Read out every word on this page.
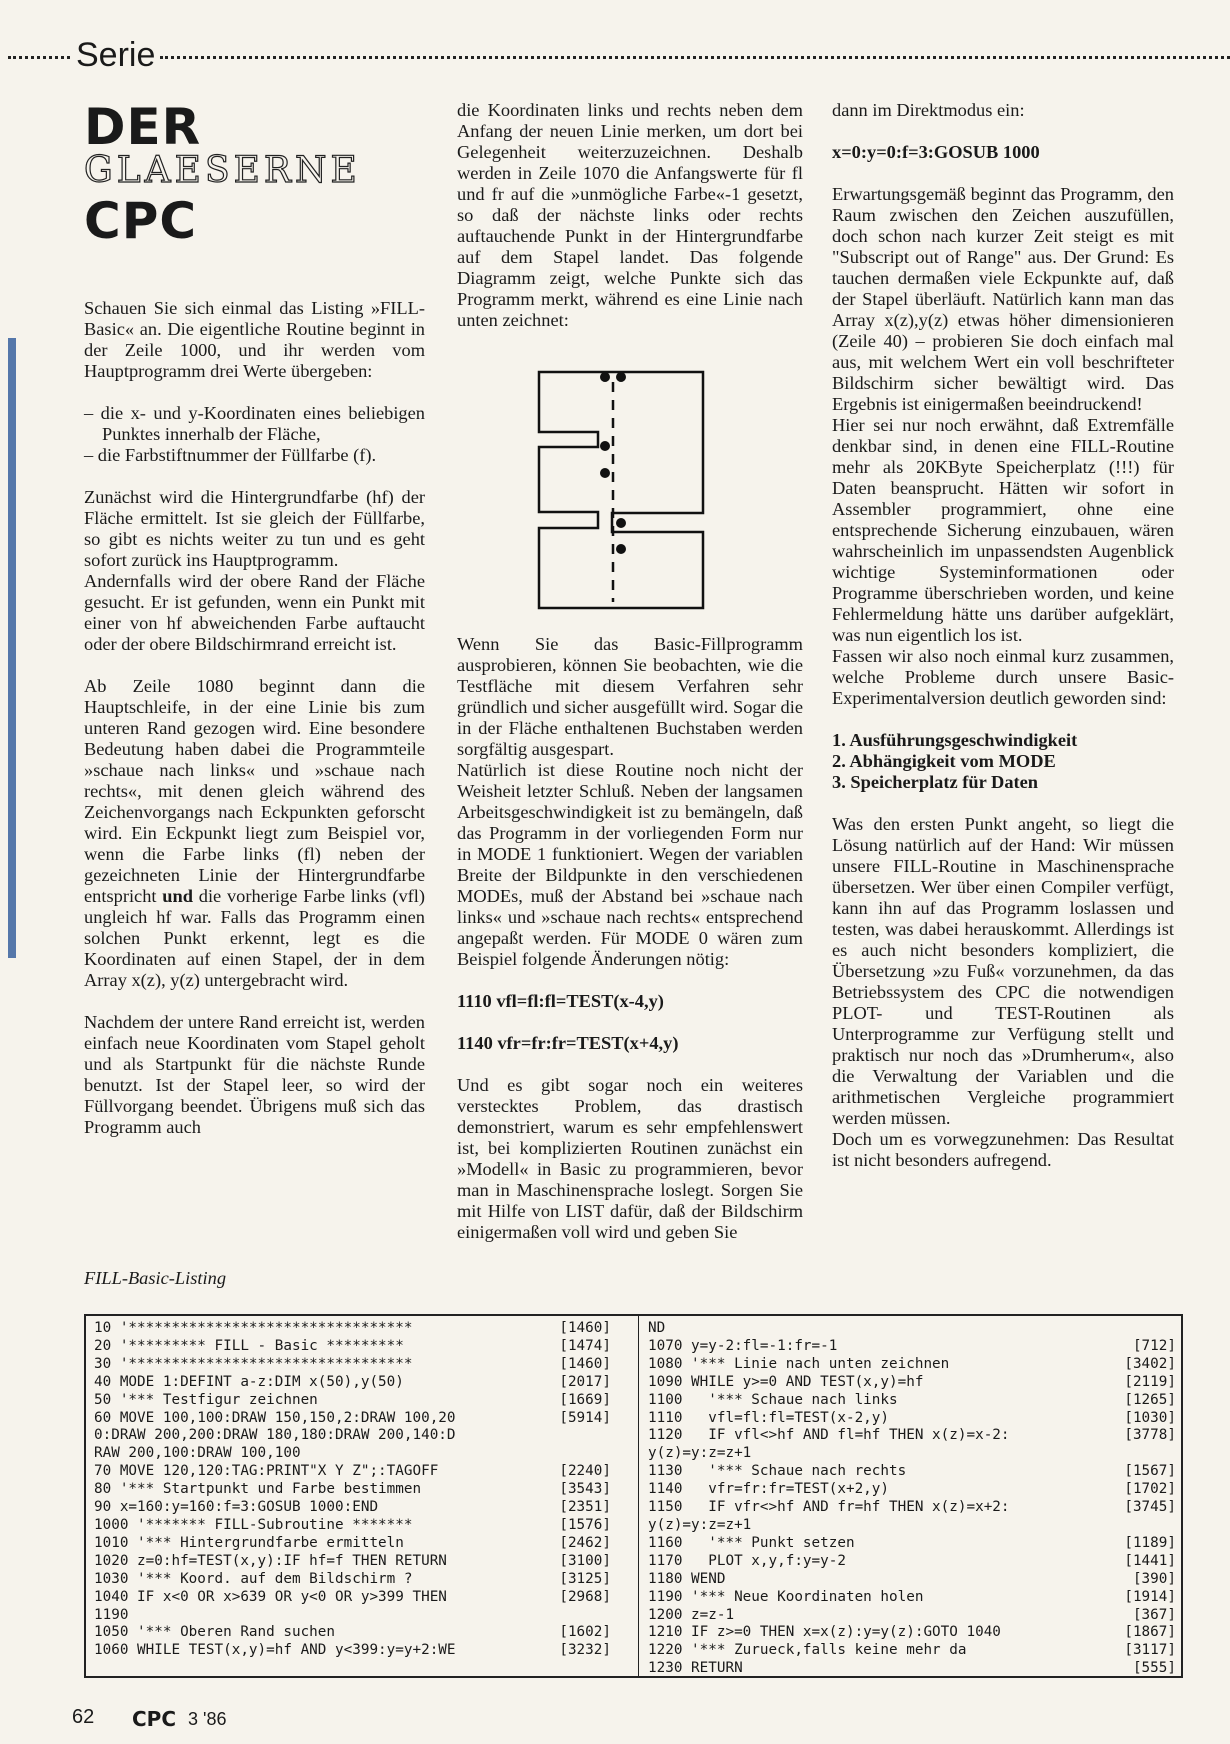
Serie
DER
GLAESERNE
CPC

Schauen Sie sich einmal das Listing »FILL-Basic« an. Die eigentliche Routine beginnt in der Zeile 1000, und ihr werden vom Hauptprogramm drei Werte übergeben:

– die x- und y-Koordinaten eines beliebigen Punktes innerhalb der Fläche,
– die Farbstiftnummer der Füllfarbe (f).

Zunächst wird die Hintergrundfarbe (hf) der Fläche ermittelt. Ist sie gleich der Füllfarbe, so gibt es nichts weiter zu tun und es geht sofort zurück ins Hauptprogramm.

Andernfalls wird der obere Rand der Fläche gesucht. Er ist gefunden, wenn ein Punkt mit einer von hf abweichenden Farbe auftaucht oder der obere Bildschirmrand erreicht ist.

Ab Zeile 1080 beginnt dann die Hauptschleife, in der eine Linie bis zum unteren Rand gezogen wird. Eine besondere Bedeutung haben dabei die Programmteile »schaue nach links« und »schaue nach rechts«, mit denen gleich während des Zeichenvorgangs nach Eckpunkten geforscht wird. Ein Eckpunkt liegt zum Beispiel vor, wenn die Farbe links (fl) neben der gezeichneten Linie der Hintergrundfarbe entspricht und die vorherige Farbe links (vfl) ungleich hf war. Falls das Programm einen solchen Punkt erkennt, legt es die Koordinaten auf einen Stapel, der in dem Array x(z), y(z) untergebracht wird.

Nachdem der untere Rand erreicht ist, werden einfach neue Koordinaten vom Stapel geholt und als Startpunkt für die nächste Runde benutzt. Ist der Stapel leer, so wird der Füllvorgang beendet. Übrigens muß sich das Programm auch

die Koordinaten links und rechts neben dem Anfang der neuen Linie merken, um dort bei Gelegenheit weiterzuzeichnen. Deshalb werden in Zeile 1070 die Anfangswerte für fl und fr auf die »unmögliche Farbe«-1 gesetzt, so daß der nächste links oder rechts auftauchende Punkt in der Hintergrundfarbe auf dem Stapel landet. Das folgende Diagramm zeigt, welche Punkte sich das Programm merkt, während es eine Linie nach unten zeichnet:

Wenn Sie das Basic-Fillprogramm ausprobieren, können Sie beobachten, wie die Testfläche mit diesem Verfahren sehr gründlich und sicher ausgefüllt wird. Sogar die in der Fläche enthaltenen Buchstaben werden sorgfältig ausgespart.

Natürlich ist diese Routine noch nicht der Weisheit letzter Schluß. Neben der langsamen Arbeitsgeschwindigkeit ist zu bemängeln, daß das Programm in der vorliegenden Form nur in MODE 1 funktioniert. Wegen der variablen Breite der Bildpunkte in den verschiedenen MODEs, muß der Abstand bei »schaue nach links« und »schaue nach rechts« entsprechend angepaßt werden. Für MODE 0 wären zum Beispiel folgende Änderungen nötig:

1110 vfl=fl:fl=TEST(x-4,y)

1140 vfr=fr:fr=TEST(x+4,y)

Und es gibt sogar noch ein weiteres verstecktes Problem, das drastisch demonstriert, warum es sehr empfehlenswert ist, bei komplizierten Routinen zunächst ein »Modell« in Basic zu programmieren, bevor man in Maschinensprache loslegt. Sorgen Sie mit Hilfe von LIST dafür, daß der Bildschirm einigermaßen voll wird und geben Sie

dann im Direktmodus ein:

x=0:y=0:f=3:GOSUB 1000

Erwartungsgemäß beginnt das Programm, den Raum zwischen den Zeichen auszufüllen, doch schon nach kurzer Zeit steigt es mit "Subscript out of Range" aus. Der Grund: Es tauchen dermaßen viele Eckpunkte auf, daß der Stapel überläuft. Natürlich kann man das Array x(z),y(z) etwas höher dimensionieren (Zeile 40) – probieren Sie doch einfach mal aus, mit welchem Wert ein voll beschrifteter Bildschirm sicher bewältigt wird. Das Ergebnis ist einigermaßen beeindruckend!

Hier sei nur noch erwähnt, daß Extremfälle denkbar sind, in denen eine FILL-Routine mehr als 20KByte Speicherplatz (!!!) für Daten beansprucht. Hätten wir sofort in Assembler programmiert, ohne eine entsprechende Sicherung einzubauen, wären wahrscheinlich im unpassendsten Augenblick wichtige Systeminformationen oder Programme überschrieben worden, und keine Fehlermeldung hätte uns darüber aufgeklärt, was nun eigentlich los ist.

Fassen wir also noch einmal kurz zusammen, welche Probleme durch unsere Basic-Experimentalversion deutlich geworden sind:

1. Ausführungsgeschwindigkeit
2. Abhängigkeit vom MODE
3. Speicherplatz für Daten

Was den ersten Punkt angeht, so liegt die Lösung natürlich auf der Hand: Wir müssen unsere FILL-Routine in Maschinensprache übersetzen. Wer über einen Compiler verfügt, kann ihn auf das Programm loslassen und testen, was dabei herauskommt. Allerdings ist es auch nicht besonders kompliziert, die Übersetzung »zu Fuß« vorzunehmen, da das Betriebssystem des CPC die notwendigen PLOT- und TEST-Routinen als Unterprogramme zur Verfügung stellt und praktisch nur noch das »Drumherum«, also die Verwaltung der Variablen und die arithmetischen Vergleiche programmiert werden müssen.

Doch um es vorwegzunehmen: Das Resultat ist nicht besonders aufregend.

FILL-Basic-Listing
10 '*********************************	[1460]
20 '********* FILL - Basic *********	[1474]
30 '*********************************	[1460]
40 MODE 1:DEFINT a-z:DIM x(50),y(50)	[2017]
50 '*** Testfigur zeichnen	[1669]
60 MOVE 100,100:DRAW 150,150,2:DRAW 100,20	[5914]
0:DRAW 200,200:DRAW 180,180:DRAW 200,140:D
RAW 200,100:DRAW 100,100
70 MOVE 120,120:TAG:PRINT"X Y Z";:TAGOFF	[2240]
80 '*** Startpunkt und Farbe bestimmen	[3543]
90 x=160:y=160:f=3:GOSUB 1000:END	[2351]
1000 '******* FILL-Subroutine *******	[1576]
1010 '*** Hintergrundfarbe ermitteln	[2462]
1020 z=0:hf=TEST(x,y):IF hf=f THEN RETURN	[3100]
1030 '*** Koord. auf dem Bildschirm ?	[3125]
1040 IF x<0 OR x>639 OR y<0 OR y>399 THEN	[2968]
1190
1050 '*** Oberen Rand suchen	[1602]
1060 WHILE TEST(x,y)=hf AND y<399:y=y+2:WE	[3232]
ND
1070 y=y-2:fl=-1:fr=-1	[712]
1080 '*** Linie nach unten zeichnen	[3402]
1090 WHILE y>=0 AND TEST(x,y)=hf	[2119]
1100   '*** Schaue nach links	[1265]
1110   vfl=fl:fl=TEST(x-2,y)	[1030]
1120   IF vfl<>hf AND fl=hf THEN x(z)=x-2:	[3778]
y(z)=y:z=z+1
1130   '*** Schaue nach rechts	[1567]
1140   vfr=fr:fr=TEST(x+2,y)	[1702]
1150   IF vfr<>hf AND fr=hf THEN x(z)=x+2:	[3745]
y(z)=y:z=z+1
1160   '*** Punkt setzen	[1189]
1170   PLOT x,y,f:y=y-2	[1441]
1180 WEND	[390]
1190 '*** Neue Koordinaten holen	[1914]
1200 z=z-1	[367]
1210 IF z>=0 THEN x=x(z):y=y(z):GOTO 1040	[1867]
1220 '*** Zurueck,falls keine mehr da	[3117]
1230 RETURN	[555]
62 CPC 3 '86
